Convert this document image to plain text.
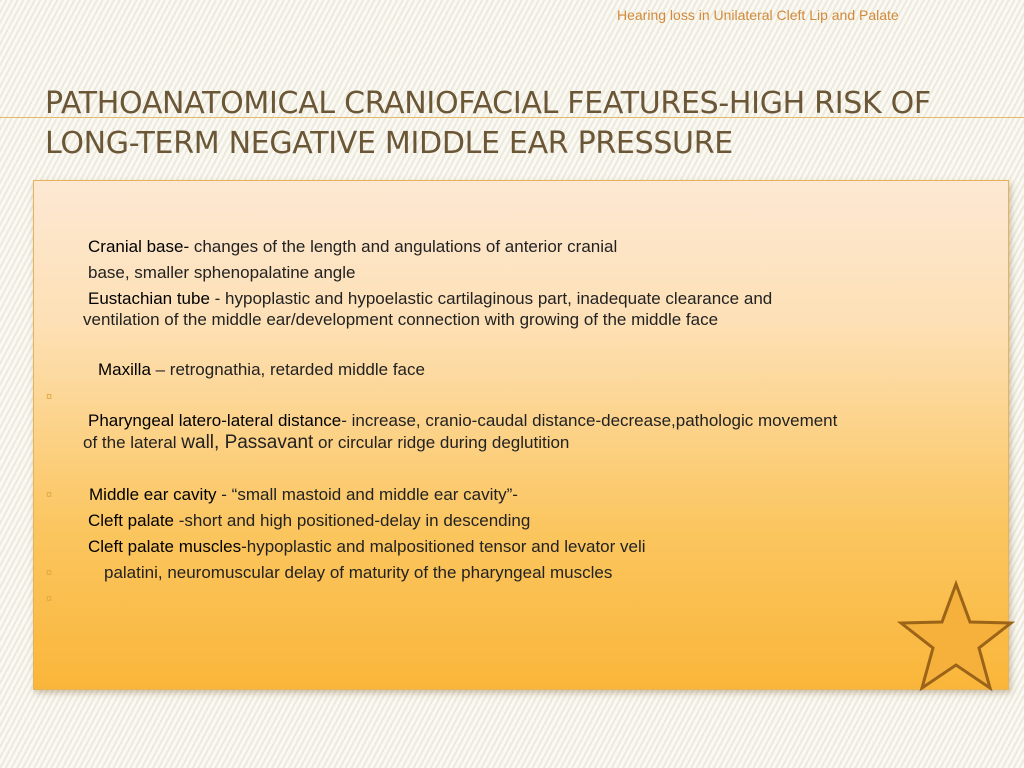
Hearing loss in Unilateral Cleft Lip and Palate
PATHOANATOMICAL CRANIOFACIAL FEATURES-HIGH RISK OF
LONG-TERM NEGATIVE MIDDLE EAR PRESSURE
Cranial base- changes of the length and angulations of anterior cranial
base, smaller sphenopalatine angle
Eustachian tube - hypoplastic and hypoelastic cartilaginous part, inadequate clearance and
ventilation of the middle ear/development connection with growing of the middle face
Maxilla – retrognathia, retarded middle face
¤
Pharyngeal latero-lateral distance- increase, cranio-caudal distance-decrease,pathologic movement
of the lateral wall, Passavant or circular ridge during deglutition
¤ Middle ear cavity - “small mastoid and middle ear cavity”-
Cleft palate -short and high positioned-delay in descending
Cleft palate muscles-hypoplastic and malpositioned tensor and levator veli
¤	palatini, neuromuscular delay of maturity of the pharyngeal muscles
¤
